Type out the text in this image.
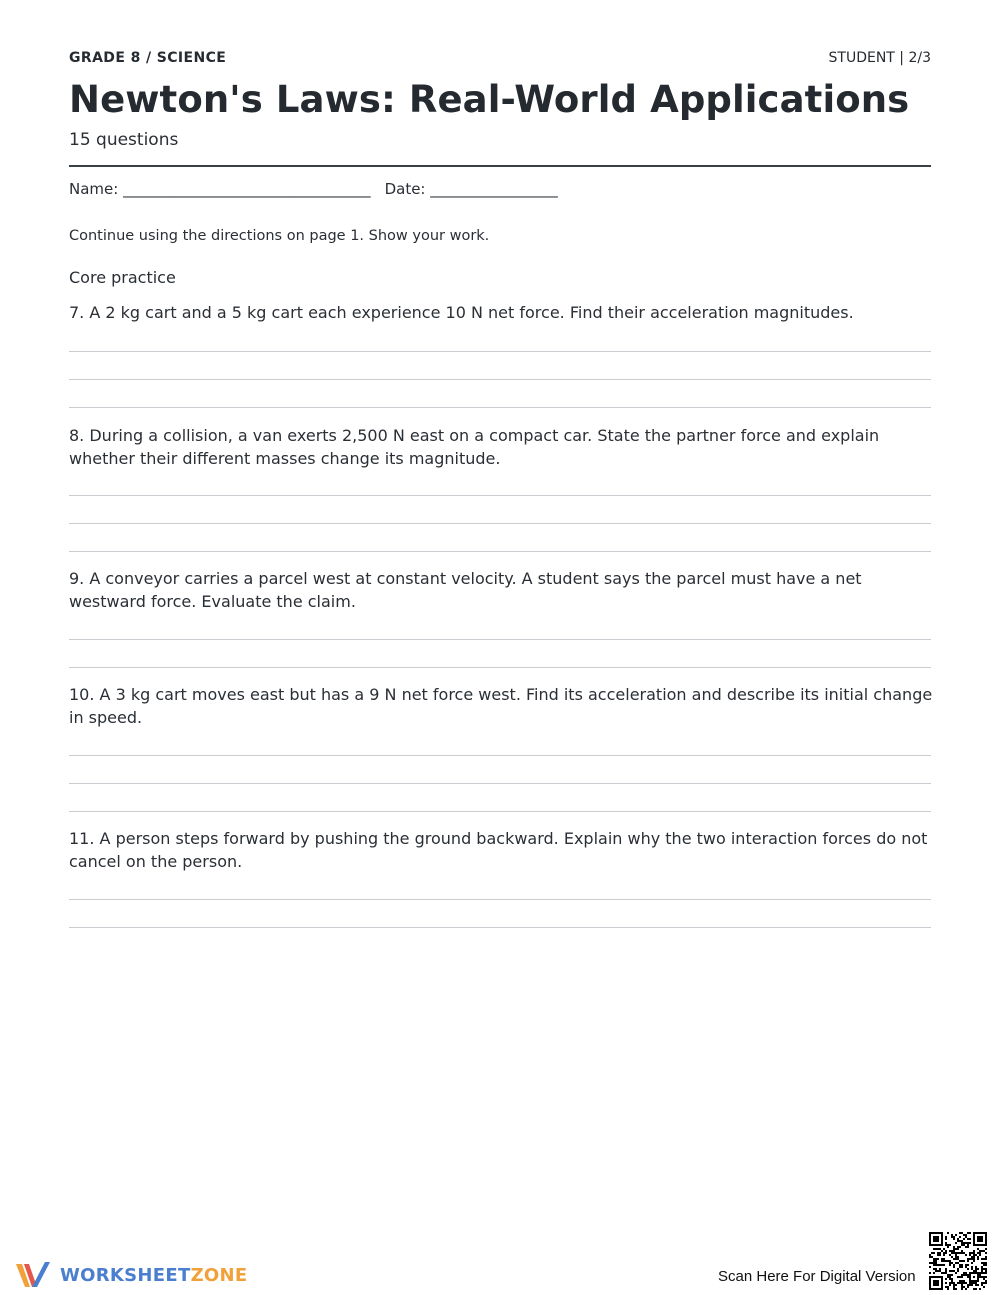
GRADE 8 / SCIENCE	STUDENT | 2/3
Newton's Laws: Real-World Applications
15 questions
Name: _________________________________ Date: _________________
Continue using the directions on page 1. Show your work.
Core practice
7. A 2 kg cart and a 5 kg cart each experience 10 N net force. Find their acceleration magnitudes.
8. During a collision, a van exerts 2,500 N east on a compact car. State the partner force and explain whether their different masses change its magnitude.
9. A conveyor carries a parcel west at constant velocity. A student says the parcel must have a net westward force. Evaluate the claim.
10. A 3 kg cart moves east but has a 9 N net force west. Find its acceleration and describe its initial change in speed.
11. A person steps forward by pushing the ground backward. Explain why the two interaction forces do not cancel on the person.
WORKSHEETZONE	Scan Here For Digital Version
